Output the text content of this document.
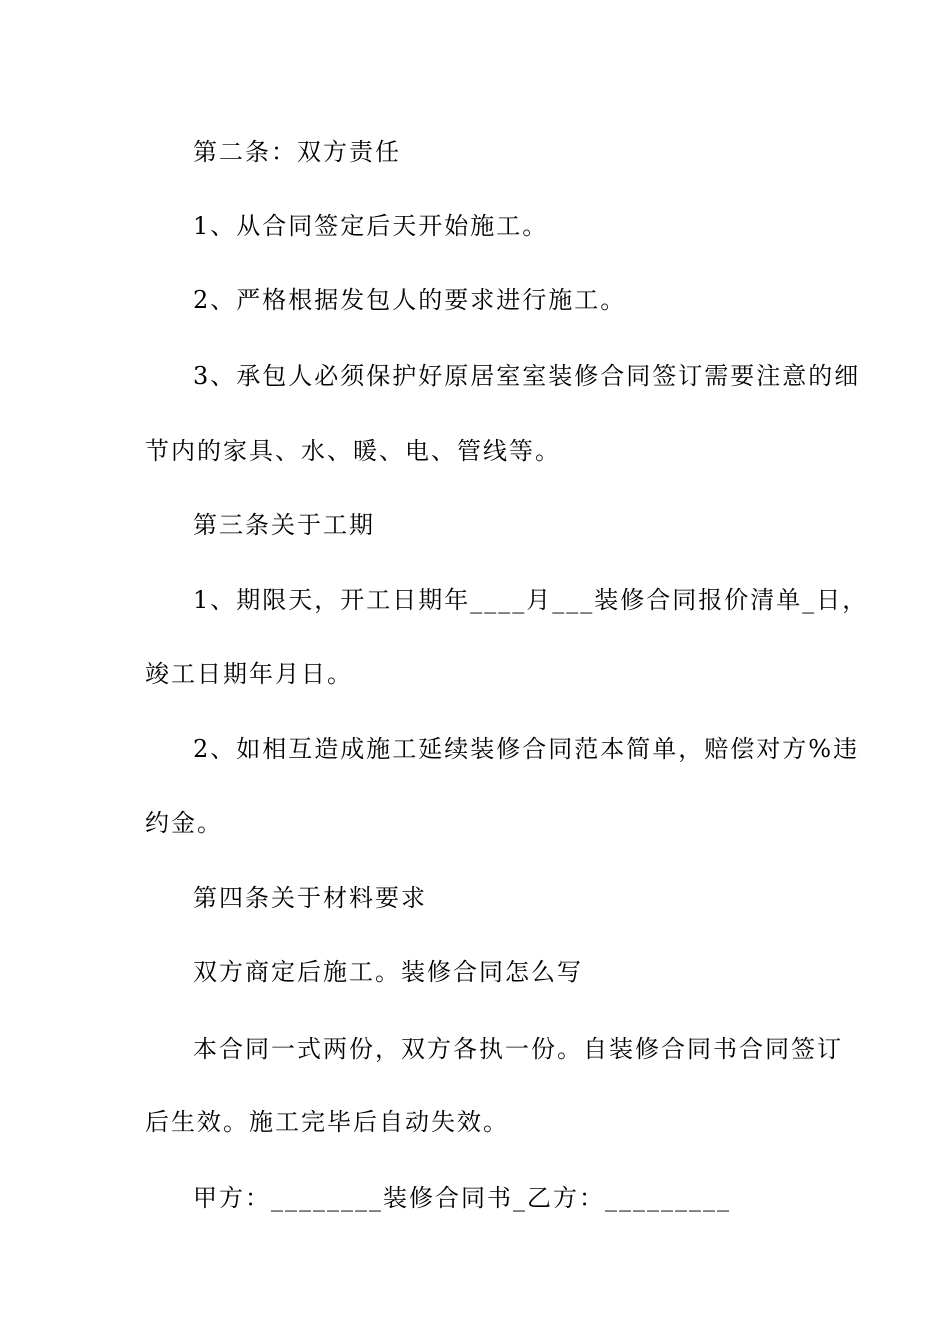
第二条：双方责任
1、从合同签定后天开始施工。
2、严格根据发包人的要求进行施工。
3、承包人必须保护好原居室室装修合同签订需要注意的细
节内的家具、水、暖、电、管线等。
第三条关于工期
1、期限天，开工日期年____月___装修合同报价清单_日，
竣工日期年月日。
2、如相互造成施工延续装修合同范本简单，赔偿对方%违
约金。
第四条关于材料要求
双方商定后施工。装修合同怎么写
本合同一式两份，双方各执一份。自装修合同书合同签订
后生效。施工完毕后自动失效。
甲方：________装修合同书_乙方：_________
